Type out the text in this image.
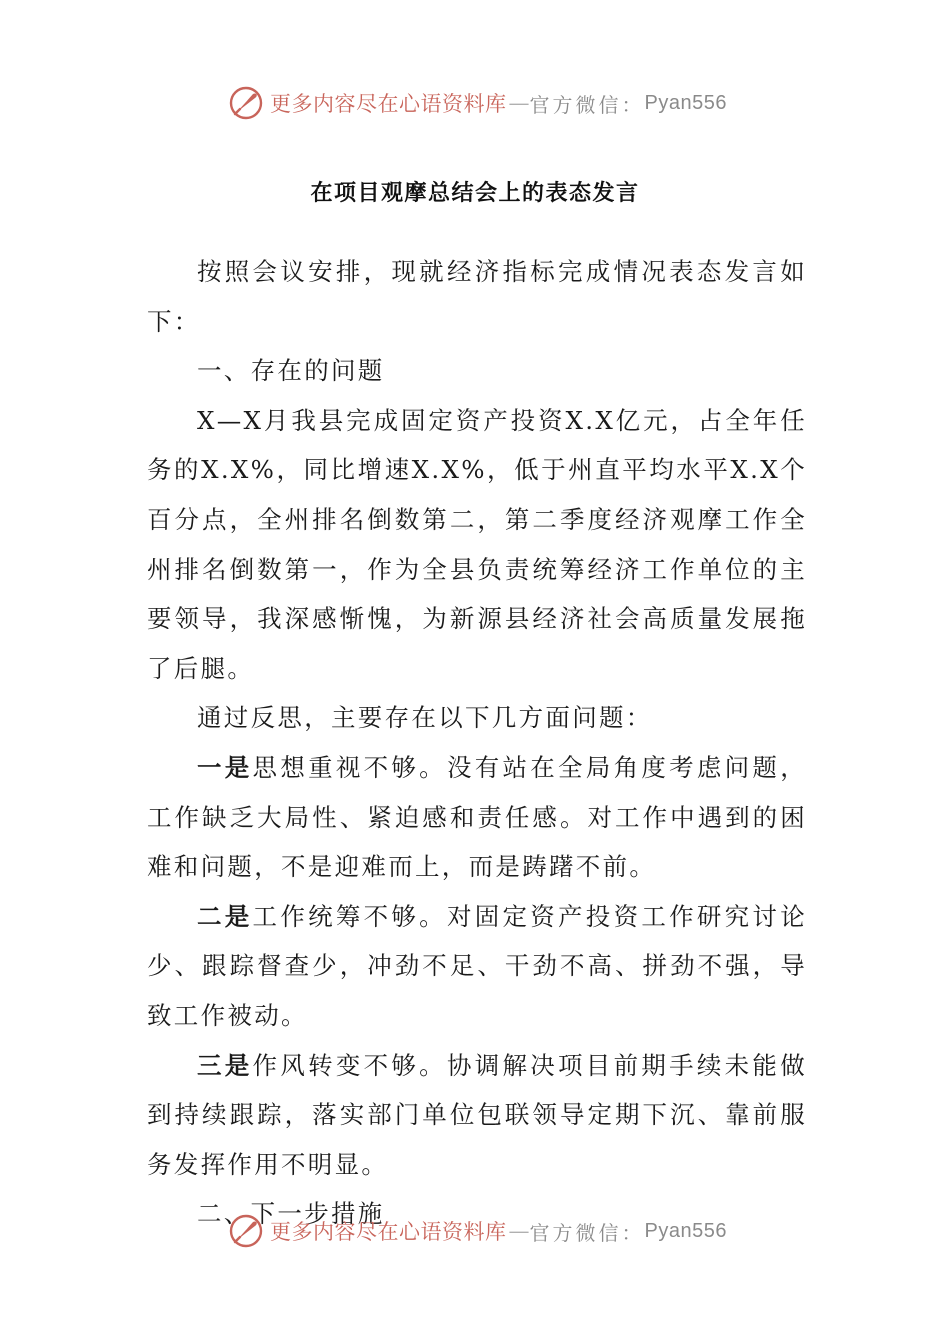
更多内容尽在心语资料库 — 官方微信： Pyan556
在项目观摩总结会上的表态发言

按照会议安排，现就经济指标完成情况表态发言如下：

一、存在的问题

X—X月我县完成固定资产投资X.X亿元，占全年任务的X.X%，同比增速X.X%，低于州直平均水平X.X个百分点，全州排名倒数第二，第二季度经济观摩工作全州排名倒数第一，作为全县负责统筹经济工作单位的主要领导，我深感惭愧，为新源县经济社会高质量发展拖了后腿。

通过反思，主要存在以下几方面问题：

一是思想重视不够。没有站在全局角度考虑问题，工作缺乏大局性、紧迫感和责任感。对工作中遇到的困难和问题，不是迎难而上，而是踌躇不前。

二是工作统筹不够。对固定资产投资工作研究讨论少、跟踪督查少，冲劲不足、干劲不高、拼劲不强，导致工作被动。

三是作风转变不够。协调解决项目前期手续未能做到持续跟踪，落实部门单位包联领导定期下沉、靠前服务发挥作用不明显。

二、下一步措施

更多内容尽在心语资料库 — 官方微信： Pyan556
